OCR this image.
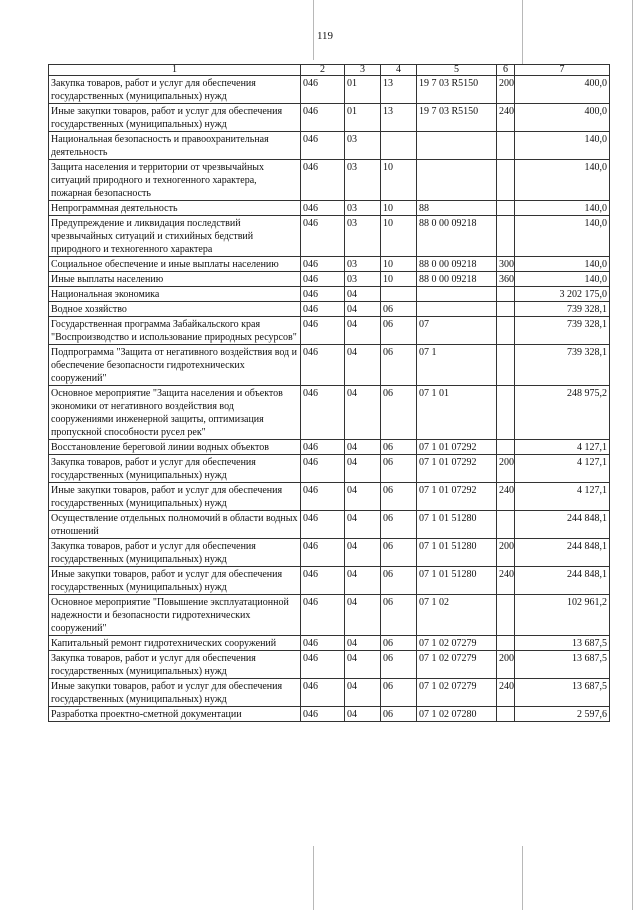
119
1	2	3	4	5	6	7
Закупка товаров, работ и услуг для обеспечения государственных (муниципальных) нужд	046	01	13	19 7 03 R5150	200	400,0
Иные закупки товаров, работ и услуг для обеспечения государственных (муниципальных) нужд	046	01	13	19 7 03 R5150	240	400,0
Национальная безопасность и правоохранительная деятельность	046	03				140,0
Защита населения и территории от чрезвычайных ситуаций природного и техногенного характера, пожарная безопасность	046	03	10			140,0
Непрограммная деятельность	046	03	10	88		140,0
Предупреждение и ликвидация последствий чрезвычайных ситуаций и стихийных бедствий природного и техногенного характера	046	03	10	88 0 00 09218		140,0
Социальное обеспечение и иные выплаты населению	046	03	10	88 0 00 09218	300	140,0
Иные выплаты населению	046	03	10	88 0 00 09218	360	140,0
Национальная экономика	046	04				3 202 175,0
Водное хозяйство	046	04	06			739 328,1
Государственная программа Забайкальского края "Воспроизводство и использование природных ресурсов"	046	04	06	07		739 328,1
Подпрограмма "Защита от негативного воздействия вод и обеспечение безопасности гидротехнических сооружений"	046	04	06	07 1		739 328,1
Основное мероприятие "Защита населения и объектов экономики от негативного воздействия вод сооружениями инженерной защиты, оптимизация пропускной способности русел рек"	046	04	06	07 1 01		248 975,2
Восстановление береговой линии водных объектов	046	04	06	07 1 01 07292		4 127,1
Закупка товаров, работ и услуг для обеспечения государственных (муниципальных) нужд	046	04	06	07 1 01 07292	200	4 127,1
Иные закупки товаров, работ и услуг для обеспечения государственных (муниципальных) нужд	046	04	06	07 1 01 07292	240	4 127,1
Осуществление отдельных полномочий в области водных отношений	046	04	06	07 1 01 51280		244 848,1
Закупка товаров, работ и услуг для обеспечения государственных (муниципальных) нужд	046	04	06	07 1 01 51280	200	244 848,1
Иные закупки товаров, работ и услуг для обеспечения государственных (муниципальных) нужд	046	04	06	07 1 01 51280	240	244 848,1
Основное мероприятие "Повышение эксплуатационной надежности и безопасности гидротехнических сооружений"	046	04	06	07 1 02		102 961,2
Капитальный ремонт гидротехнических сооружений	046	04	06	07 1 02 07279		13 687,5
Закупка товаров, работ и услуг для обеспечения государственных (муниципальных) нужд	046	04	06	07 1 02 07279	200	13 687,5
Иные закупки товаров, работ и услуг для обеспечения государственных (муниципальных) нужд	046	04	06	07 1 02 07279	240	13 687,5
Разработка проектно-сметной документации	046	04	06	07 1 02 07280		2 597,6
